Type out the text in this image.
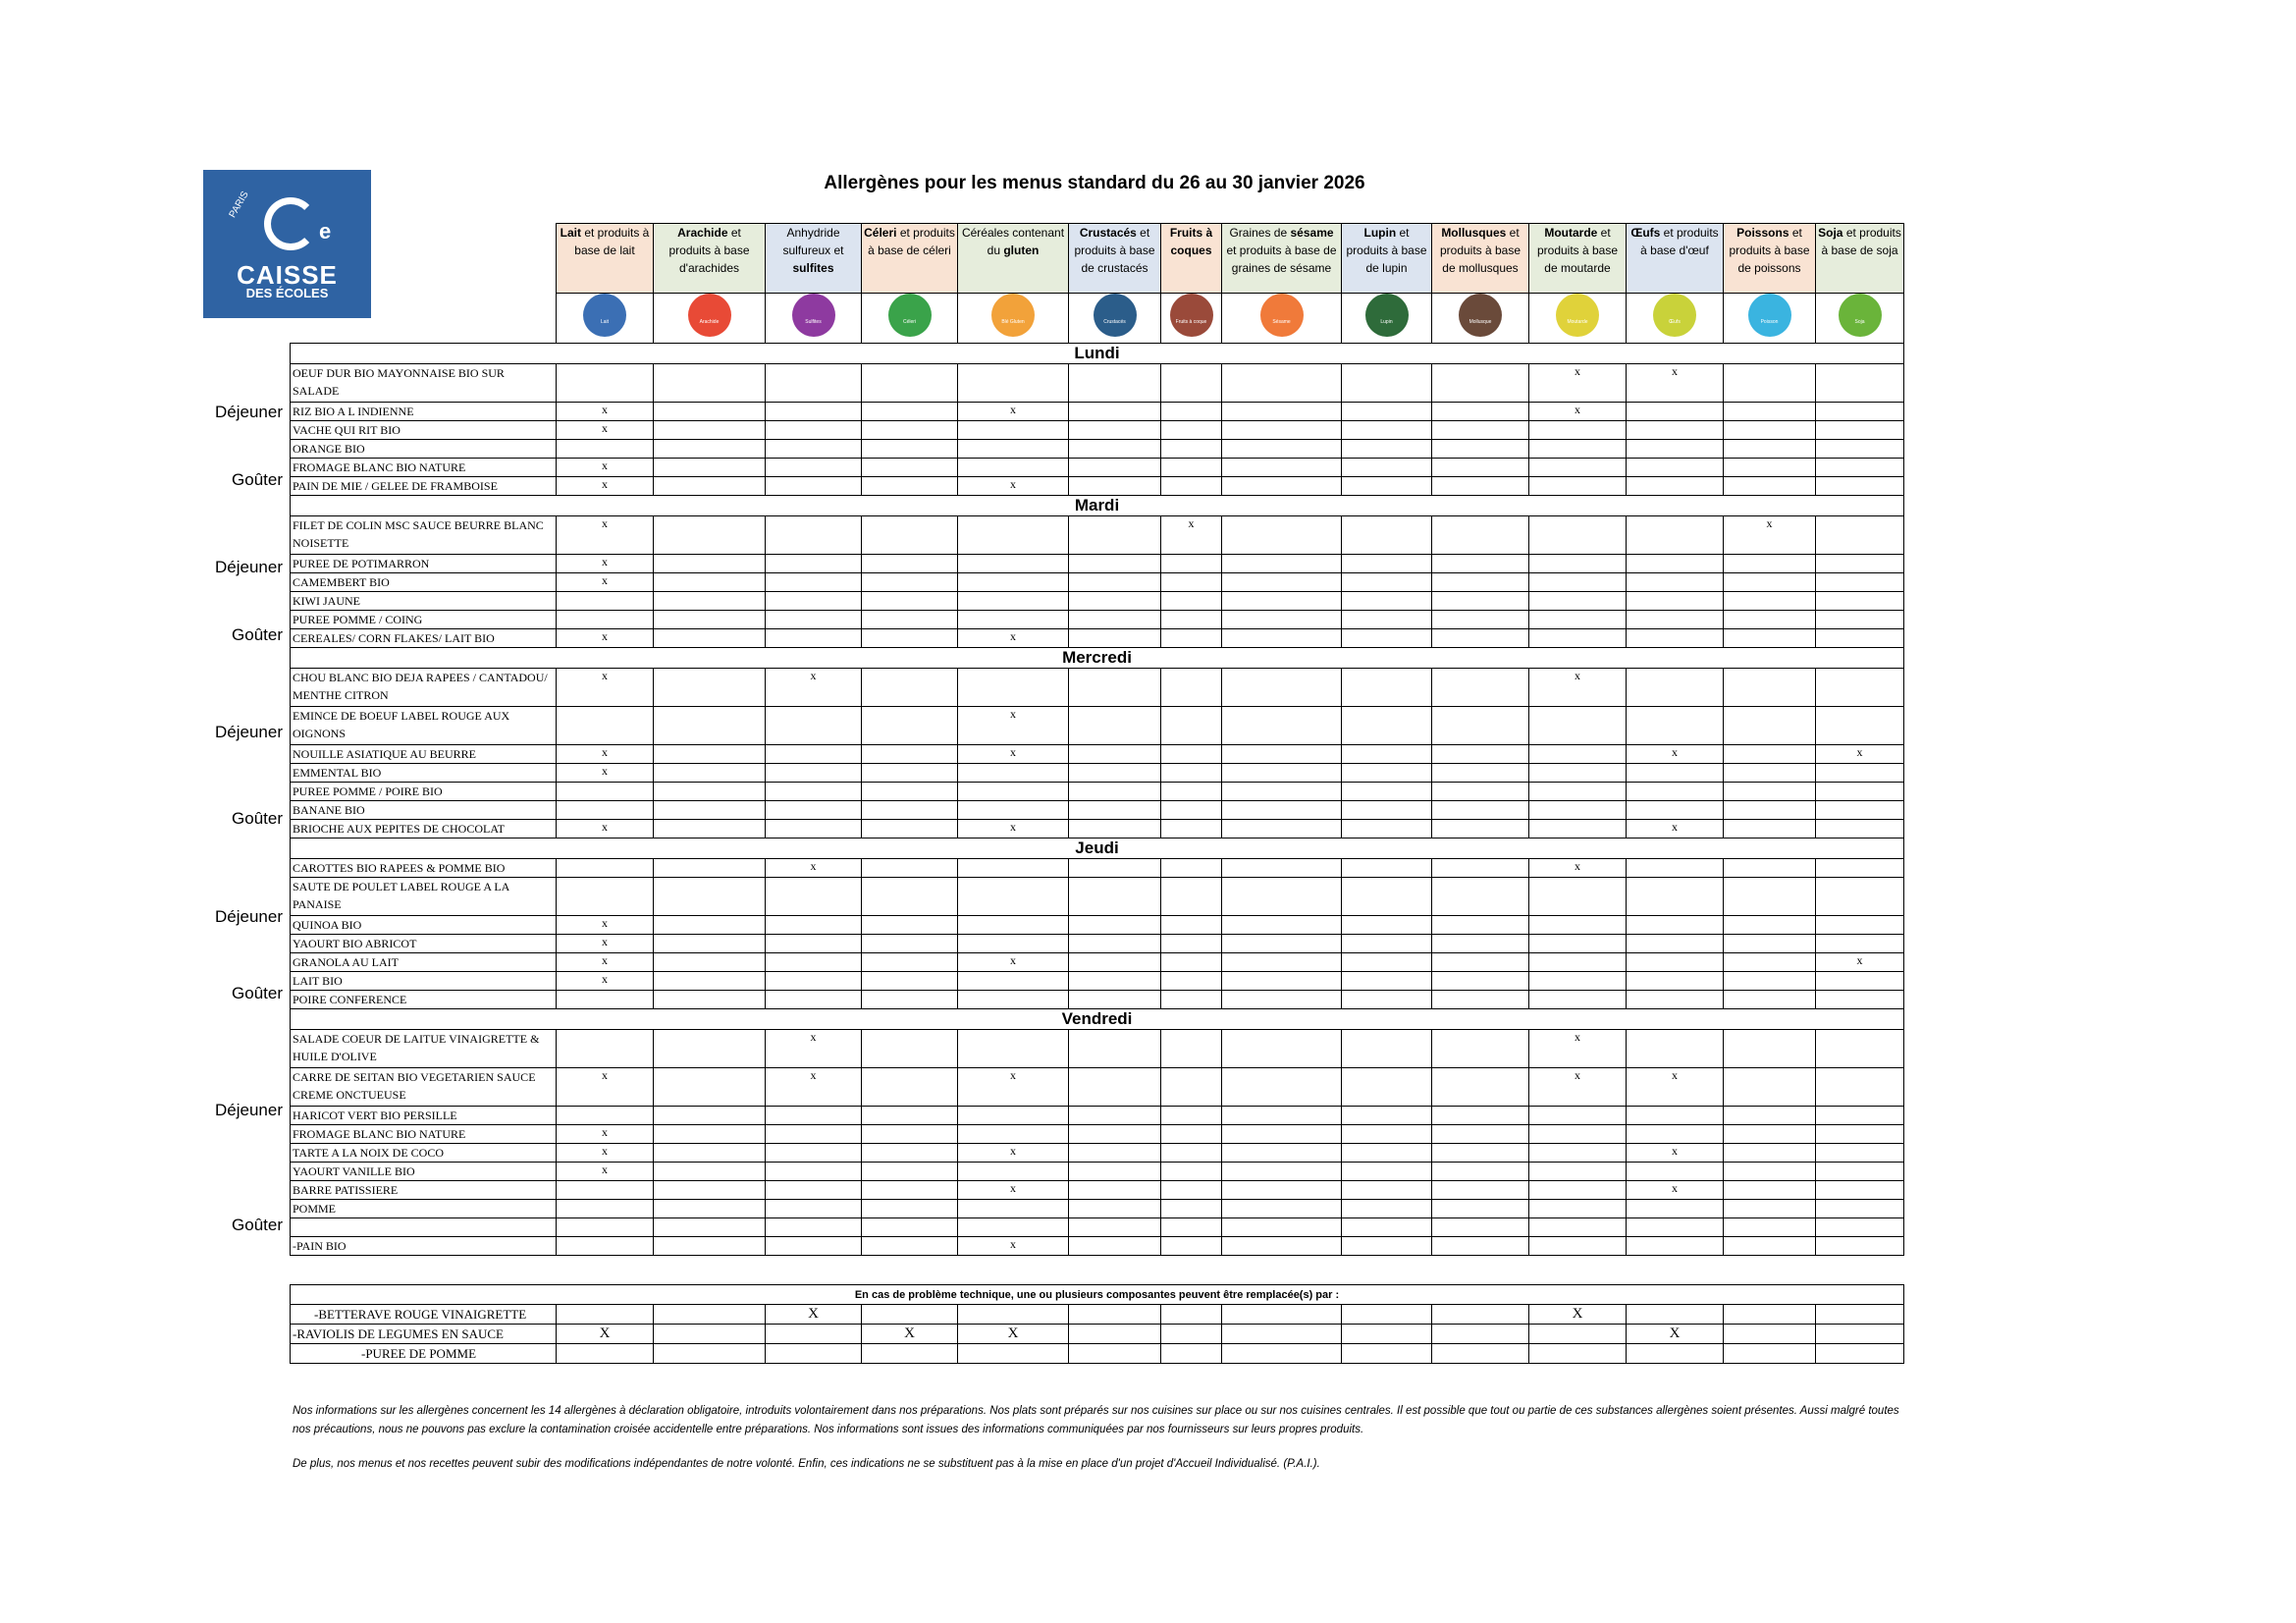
PARIS
e
CAISSE
DES ÉCOLES
Allergènes pour les menus standard du 26 au 30 janvier 2026
	Lait et produits à base de lait	Arachide et produits à base d'arachides	Anhydride sulfureux et sulfites	Céleri et produits à base de céleri	Céréales contenant du gluten	Crustacés et produits à base de crustacés	Fruits à coques	Graines de sésame et produits à base de graines de sésame	Lupin et produits à base de lupin	Mollusques et produits à base de mollusques	Moutarde et produits à base de moutarde	Œufs et produits à base d'œuf	Poissons et produits à base de poissons	Soja et produits à base de soja

	Lait	Arachide	Sulfites	Céleri	Blé Gluten	Crustacés	Fruits à coque	Sésame	Lupin	Mollusque	Moutarde	Œufs	Poisson	Soja

Lundi														
OEUF DUR BIO MAYONNAISE BIO SUR SALADE											x	x		
RIZ BIO A L INDIENNE	x				x						x			
VACHE QUI RIT BIO	x													
ORANGE BIO														
FROMAGE BLANC BIO NATURE	x													
PAIN DE MIE / GELEE DE FRAMBOISE	x				x									
Mardi														
FILET DE COLIN MSC SAUCE BEURRE BLANC NOISETTE	x						x						x	
PUREE DE POTIMARRON	x													
CAMEMBERT BIO	x													
KIWI JAUNE														
PUREE POMME / COING														
CEREALES/ CORN FLAKES/ LAIT BIO	x				x									
Mercredi														
CHOU BLANC BIO DEJA RAPEES / CANTADOU/ MENTHE CITRON	x		x								x			
EMINCE DE BOEUF LABEL ROUGE AUX OIGNONS					x									
NOUILLE ASIATIQUE AU BEURRE	x				x							x		x
EMMENTAL BIO	x													
PUREE POMME / POIRE BIO														
BANANE BIO														
BRIOCHE AUX PEPITES DE CHOCOLAT	x				x							x		
Jeudi														
CAROTTES BIO RAPEES & POMME BIO			x								x			
SAUTE DE POULET LABEL ROUGE A LA PANAISE														
QUINOA BIO	x													
YAOURT BIO ABRICOT	x													
GRANOLA AU LAIT	x				x									x
LAIT BIO	x													
POIRE CONFERENCE														
Vendredi														
SALADE COEUR DE LAITUE VINAIGRETTE & HUILE D'OLIVE			x								x			
CARRE DE SEITAN BIO VEGETARIEN SAUCE CREME ONCTUEUSE	x		x		x						x	x		
HARICOT VERT BIO PERSILLE														
FROMAGE BLANC BIO NATURE	x													
TARTE A LA NOIX DE COCO	x				x							x		
YAOURT VANILLE BIO	x													
BARRE PATISSIERE					x							x		
POMME														

-PAIN BIO					x									
Déjeuner
Goûter
Déjeuner
Goûter
Déjeuner
Goûter
Déjeuner
Goûter
Déjeuner
Goûter
En cas de problème technique, une ou plusieurs composantes peuvent être remplacée(s) par :														
-BETTERAVE ROUGE VINAIGRETTE			X								X			
-RAVIOLIS DE LEGUMES EN SAUCE	X			X	X							X		
-PUREE DE POMME														
Nos informations sur les allergènes concernent les 14 allergènes à déclaration obligatoire, introduits volontairement dans nos préparations. Nos plats sont préparés sur nos cuisines sur place ou sur nos cuisines centrales. Il est possible que tout ou partie de ces substances allergènes soient présentes. Aussi malgré toutes nos précautions, nous ne pouvons pas exclure la contamination croisée accidentelle entre préparations. Nos informations sont issues des informations communiquées par nos fournisseurs sur leurs propres produits.
De plus, nos menus et nos recettes peuvent subir des modifications indépendantes de notre volonté. Enfin, ces indications ne se substituent pas à la mise en place d'un projet d'Accueil Individualisé. (P.A.I.).
